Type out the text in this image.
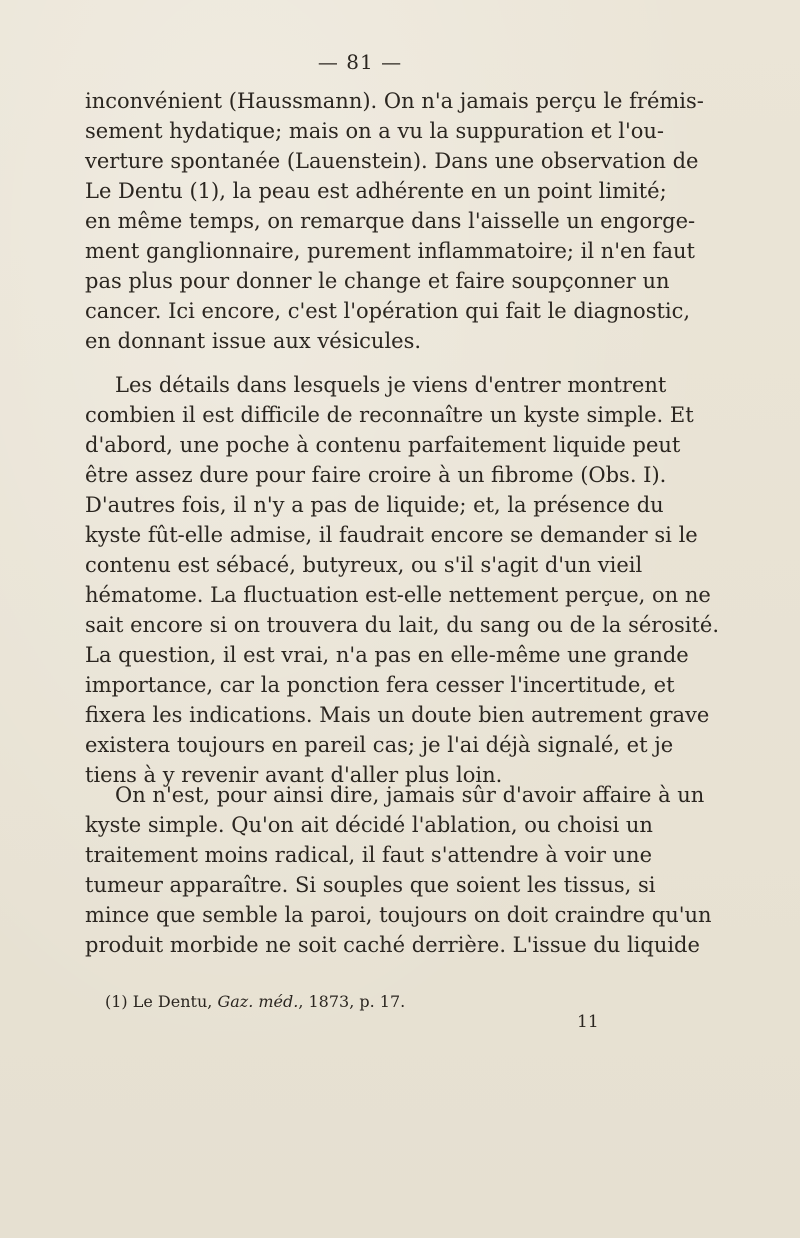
— 81 —
inconvénient (Haussmann). On n'a jamais perçu le frémis-
sement hydatique; mais on a vu la suppuration et l'ou-
verture spontanée (Lauenstein). Dans une observation de
Le Dentu (1), la peau est adhérente en un point limité;
en même temps, on remarque dans l'aisselle un engorge-
ment ganglionnaire, purement inflammatoire; il n'en faut
pas plus pour donner le change et faire soupçonner un
cancer. Ici encore, c'est l'opération qui fait le diagnostic,
en donnant issue aux vésicules.
Les détails dans lesquels je viens d'entrer montrent
combien il est difficile de reconnaître un kyste simple. Et
d'abord, une poche à contenu parfaitement liquide peut
être assez dure pour faire croire à un fibrome (Obs. I).
D'autres fois, il n'y a pas de liquide; et, la présence du
kyste fût-elle admise, il faudrait encore se demander si le
contenu est sébacé, butyreux, ou s'il s'agit d'un vieil
hématome. La fluctuation est-elle nettement perçue, on ne
sait encore si on trouvera du lait, du sang ou de la sérosité.
La question, il est vrai, n'a pas en elle-même une grande
importance, car la ponction fera cesser l'incertitude, et
fixera les indications. Mais un doute bien autrement grave
existera toujours en pareil cas; je l'ai déjà signalé, et je
tiens à y revenir avant d'aller plus loin.
On n'est, pour ainsi dire, jamais sûr d'avoir affaire à un
kyste simple. Qu'on ait décidé l'ablation, ou choisi un
traitement moins radical, il faut s'attendre à voir une
tumeur apparaître. Si souples que soient les tissus, si
mince que semble la paroi, toujours on doit craindre qu'un
produit morbide ne soit caché derrière. L'issue du liquide
(1) Le Dentu, Gaz. méd., 1873, p. 17.
11
